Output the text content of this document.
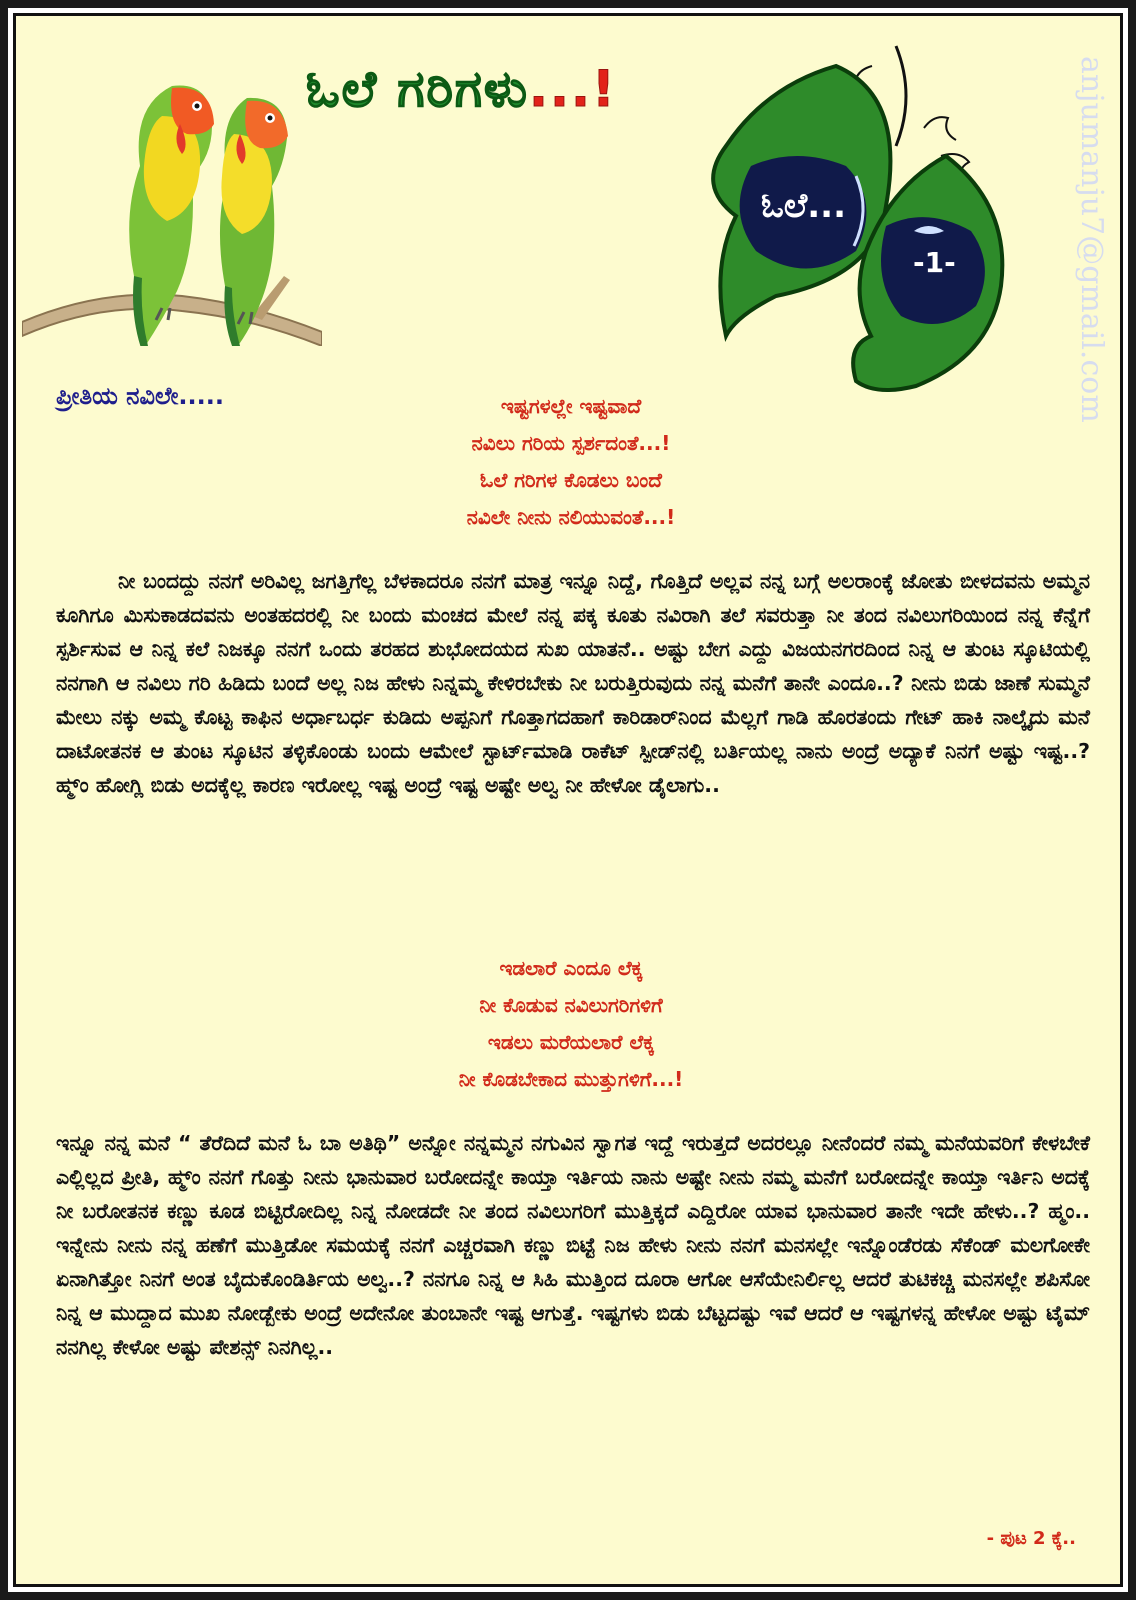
ಓಲೆ ಗರಿಗಳು...!
ಓಲೆ...
-1-	anjumanju7@gmail.com
ಪ್ರೀತಿಯ ನವಿಲೇ.....	ಇಷ್ಟಗಳಲ್ಲೇ ಇಷ್ಟವಾದೆ
ನವಿಲು ಗರಿಯ ಸ್ಪರ್ಶದಂತೆ...!
ಓಲೆ ಗರಿಗಳ ಕೊಡಲು ಬಂದೆ
ನವಿಲೇ ನೀನು ನಲಿಯುವಂತೆ...!

ನೀ ಬಂದದ್ದು ನನಗೆ ಅರಿವಿಲ್ಲ ಜಗತ್ತಿಗೆಲ್ಲ ಬೆಳಕಾದರೂ ನನಗೆ ಮಾತ್ರ ಇನ್ನೂ ನಿದ್ದೆ, ಗೊತ್ತಿದೆ ಅಲ್ಲವ ನನ್ನ ಬಗ್ಗೆ ಅಲರಾಂಕ್ಕೆ ಜೋತು ಬೀಳದವನು ಅಮ್ಮನ ಕೂಗಿಗೂ ಮಿಸುಕಾಡದವನು ಅಂತಹದರಲ್ಲಿ ನೀ ಬಂದು ಮಂಚದ ಮೇಲೆ ನನ್ನ ಪಕ್ಕ ಕೂತು ನವಿರಾಗಿ ತಲೆ ಸವರುತ್ತಾ ನೀ ತಂದ ನವಿಲುಗರಿಯಿಂದ ನನ್ನ ಕೆನ್ನೆಗೆ ಸ್ಪರ್ಶಿಸುವ ಆ ನಿನ್ನ ಕಲೆ ನಿಜಕ್ಕೂ ನನಗೆ ಒಂದು ತರಹದ ಶುಭೋದಯದ ಸುಖ ಯಾತನೆ.. ಅಷ್ಟು ಬೇಗ ಎದ್ದು ವಿಜಯನಗರದಿಂದ ನಿನ್ನ ಆ ತುಂಟ ಸ್ಕೂಟಿಯಲ್ಲಿ ನನಗಾಗಿ ಆ ನವಿಲು ಗರಿ ಹಿಡಿದು ಬಂದೆ ಅಲ್ಲ ನಿಜ ಹೇಳು ನಿನ್ನಮ್ಮ ಕೇಳಿರಬೇಕು ನೀ ಬರುತ್ತಿರುವುದು ನನ್ನ ಮನೆಗೆ ತಾನೇ ಎಂದೂ..? ನೀನು ಬಿಡು ಜಾಣೆ ಸುಮ್ಮನೆ ಮೇಲು ನಕ್ಕು ಅಮ್ಮ ಕೊಟ್ಟ ಕಾಫಿನ ಅರ್ಧಾಬರ್ಧ ಕುಡಿದು ಅಪ್ಪನಿಗೆ ಗೊತ್ತಾಗದಹಾಗೆ ಕಾರಿಡಾರ್‌ನಿಂದ ಮೆಲ್ಲಗೆ ಗಾಡಿ ಹೊರತಂದು ಗೇಟ್ ಹಾಕಿ ನಾಲ್ಕೈದು ಮನೆ ದಾಟೋತನಕ ಆ ತುಂಟ ಸ್ಕೂಟಿನ ತಳ್ಳಿಕೊಂಡು ಬಂದು ಆಮೇಲೆ ಸ್ಟಾರ್ಟ್‌ಮಾಡಿ ರಾಕೆಟ್ ಸ್ಪೀಡ್‌ನಲ್ಲಿ ಬರ್ತಿಯಲ್ಲ ನಾನು ಅಂದ್ರೆ ಅದ್ಯಾಕೆ ನಿನಗೆ ಅಷ್ಟು ಇಷ್ಟ..? ಹ್ಮ್ಂ ಹೋಗ್ಲಿ ಬಿಡು ಅದಕ್ಕೆಲ್ಲ ಕಾರಣ ಇರೋಲ್ಲ ಇಷ್ಟ ಅಂದ್ರೆ ಇಷ್ಟ ಅಷ್ಟೇ ಅಲ್ವ ನೀ ಹೇಳೋ ಡೈಲಾಗು..

ಇಡಲಾರೆ ಎಂದೂ ಲೆಕ್ಕ
ನೀ ಕೊಡುವ ನವಿಲುಗರಿಗಳಿಗೆ
ಇಡಲು ಮರೆಯಲಾರೆ ಲೆಕ್ಕ
ನೀ ಕೊಡಬೇಕಾದ ಮುತ್ತುಗಳಿಗೆ...!

ಇನ್ನೂ ನನ್ನ ಮನೆ “ ತೆರೆದಿದೆ ಮನೆ ಓ ಬಾ ಅತಿಥಿ” ಅನ್ನೋ ನನ್ನಮ್ಮನ ನಗುವಿನ ಸ್ವಾಗತ ಇದ್ದೆ ಇರುತ್ತದೆ ಅದರಲ್ಲೂ ನೀನೆಂದರೆ ನಮ್ಮ ಮನೆಯವರಿಗೆ ಕೇಳಬೇಕೆ ಎಲ್ಲಿಲ್ಲದ ಪ್ರೀತಿ, ಹ್ಮ್ಂ ನನಗೆ ಗೊತ್ತು ನೀನು ಭಾನುವಾರ ಬರೋದನ್ನೇ ಕಾಯ್ತಾ ಇರ್ತಿಯ ನಾನು ಅಷ್ಟೇ ನೀನು ನಮ್ಮ ಮನೆಗೆ ಬರೋದನ್ನೇ ಕಾಯ್ತಾ ಇರ್ತಿನಿ ಅದಕ್ಕೆ ನೀ ಬರೋತನಕ ಕಣ್ಣು ಕೂಡ ಬಿಟ್ಟಿರೋದಿಲ್ಲ ನಿನ್ನ ನೋಡದೇ ನೀ ತಂದ ನವಿಲುಗರಿಗೆ ಮುತ್ತಿಕ್ಕದೆ ಎದ್ದಿರೋ ಯಾವ ಭಾನುವಾರ ತಾನೇ ಇದೇ ಹೇಳು..? ಹ್ಮಂ.. ಇನ್ನೇನು ನೀನು ನನ್ನ ಹಣೆಗೆ ಮುತ್ತಿಡೋ ಸಮಯಕ್ಕೆ ನನಗೆ ಎಚ್ಚರವಾಗಿ ಕಣ್ಣು ಬಿಟ್ಟೆ ನಿಜ ಹೇಳು ನೀನು ನನಗೆ ಮನಸಲ್ಲೇ ಇನ್ನೊಂಡೆರಡು ಸೆಕೆಂಡ್ ಮಲಗೋಕೇ ಏನಾಗಿತ್ತೋ ನಿನಗೆ ಅಂತ ಬೈದುಕೊಂಡಿರ್ತಿಯ ಅಲ್ವ..? ನನಗೂ ನಿನ್ನ ಆ ಸಿಹಿ ಮುತ್ತಿಂದ ದೂರಾ ಆಗೋ ಆಸೆಯೇನಿರ್ಲಿಲ್ಲ ಆದರೆ ತುಟಿಕಚ್ಚಿ ಮನಸಲ್ಲೇ ಶಪಿಸೋ ನಿನ್ನ ಆ ಮುದ್ದಾದ ಮುಖ ನೋಡ್ಬೇಕು ಅಂದ್ರೆ ಅದೇನೋ ತುಂಬಾನೇ ಇಷ್ಟ ಆಗುತ್ತೆ. ಇಷ್ಟಗಳು ಬಿಡು ಬೆಟ್ಟದಷ್ಟು ಇವೆ ಆದರೆ ಆ ಇಷ್ಟಗಳನ್ನ ಹೇಳೋ ಅಷ್ಟು ಟೈಮ್ ನನಗಿಲ್ಲ ಕೇಳೋ ಅಷ್ಟು ಪೇಶನ್ಸ್ ನಿನಗಿಲ್ಲ..

- ಪುಟ 2 ಕ್ಕೆ..
